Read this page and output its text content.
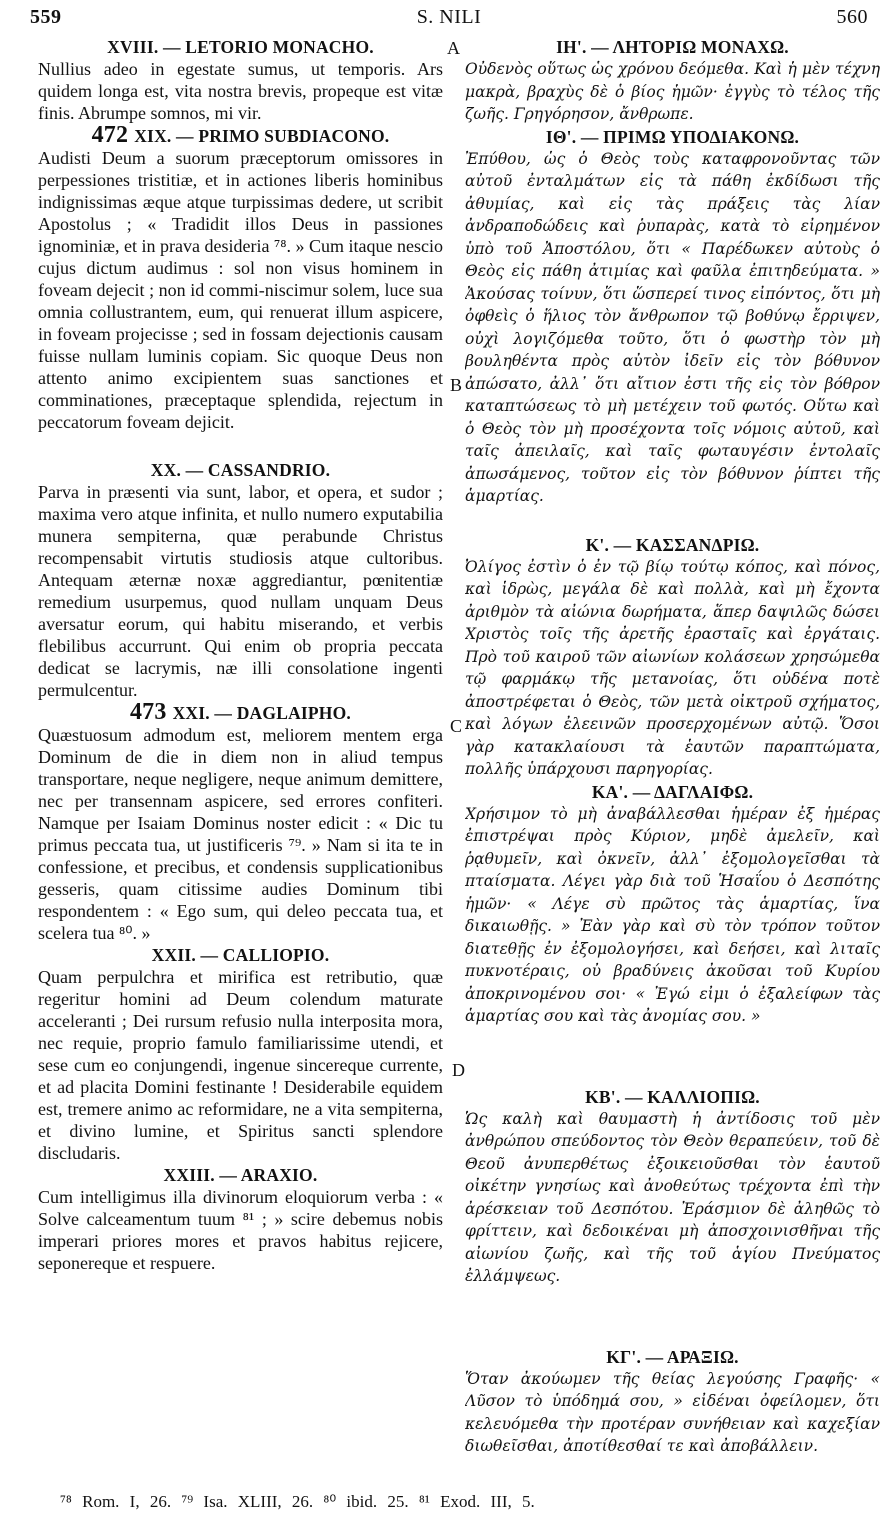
559	S. NILI	560
A
B
C
D
XVIII. — LETORIO MONACHO.

Nullius adeo in egestate sumus, ut temporis. Ars quidem longa est, vita nostra brevis, propeque est vitæ finis. Abrumpe somnos, mi vir.

472 XIX. — PRIMO SUBDIACONO.

Audisti Deum a suorum præceptorum omissores in perpessiones tristitiæ, et in actiones liberis hominibus indignissimas æque atque turpissimas dedere, ut scribit Apostolus ; « Tradidit illos Deus in passiones ignominiæ, et in prava desideria ⁷⁸. » Cum itaque nescio cujus dictum audimus : sol non visus hominem in foveam dejecit ; non id commi-niscimur solem, luce sua omnia collustrantem, eum, qui renuerat illum aspicere, in foveam projecisse ; sed in fossam dejectionis causam fuisse nullam luminis copiam. Sic quoque Deus non attento animo excipientem suas sanctiones et comminationes, præceptaque splendida, rejectum in peccatorum foveam dejicit.

XX. — CASSANDRIO.

Parva in præsenti via sunt, labor, et opera, et sudor ; maxima vero atque infinita, et nullo numero exputabilia munera sempiterna, quæ perabunde Christus recompensabit virtutis studiosis atque cultoribus. Antequam æternæ noxæ aggrediantur, pœnitentiæ remedium usurpemus, quod nullam unquam Deus aversatur eorum, qui habitu miserando, et verbis flebilibus accurrunt. Qui enim ob propria peccata dedicat se lacrymis, næ illi consolatione ingenti permulcentur.

473 XXI. — DAGLAIPHO.

Quæstuosum admodum est, meliorem mentem erga Dominum de die in diem non in aliud tempus transportare, neque negligere, neque animum demittere, nec per transennam aspicere, sed errores confiteri. Namque per Isaiam Dominus noster edicit : « Dic tu primus peccata tua, ut justificeris ⁷⁹. » Nam si ita te in confessione, et precibus, et condensis supplicationibus gesseris, quam citissime audies Dominum tibi respondentem : « Ego sum, qui deleo peccata tua, et scelera tua ⁸⁰. »

XXII. — CALLIOPIO.

Quam perpulchra et mirifica est retributio, quæ regeritur homini ad Deum colendum maturate acceleranti ; Dei rursum refusio nulla interposita mora, nec requie, proprio famulo familiarissime utendi, et sese cum eo conjungendi, ingenue sincereque currente, et ad placita Domini festinante ! Desiderabile equidem est, tremere animo ac reformidare, ne a vita sempiterna, et divino lumine, et Spiritus sancti splendore discludaris.

XXIII. — ARAXIO.

Cum intelligimus illa divinorum eloquiorum verba : « Solve calceamentum tuum ⁸¹ ; » scire debemus nobis imperari priores mores et pravos habitus rejicere, seponereque et respuere.

ΙΗ'. — ΛΗΤΟΡΙΩ ΜΟΝΑΧΩ.

Οὐδενὸς οὕτως ὡς χρόνου δεόμεθα. Καὶ ἡ μὲν τέχνη μακρὰ, βραχὺς δὲ ὁ βίος ἡμῶν· ἐγγὺς τὸ τέλος τῆς ζωῆς. Γρηγόρησον, ἄνθρωπε.

ΙΘ'. — ΠΡΙΜΩ ΥΠΟΔΙΑΚΟΝΩ.

Ἐπύθου, ὡς ὁ Θεὸς τοὺς καταφρονοῦντας τῶν αὐτοῦ ἐνταλμάτων εἰς τὰ πάθη ἐκδίδωσι τῆς ἀθυμίας, καὶ εἰς τὰς πράξεις τὰς λίαν ἀνδραποδώδεις καὶ ῥυπαρὰς, κατὰ τὸ εἰρημένον ὑπὸ τοῦ Ἀποστόλου, ὅτι « Παρέδωκεν αὐτοὺς ὁ Θεὸς εἰς πάθη ἀτιμίας καὶ φαῦλα ἐπιτηδεύματα. » Ἀκούσας τοίνυν, ὅτι ὥσπερεί τινος εἰπόντος, ὅτι μὴ ὀφθεὶς ὁ ἥλιος τὸν ἄνθρωπον τῷ βοθύνῳ ἔρριψεν, οὐχὶ λογιζόμεθα τοῦτο, ὅτι ὁ φωστὴρ τὸν μὴ βουληθέντα πρὸς αὐτὸν ἰδεῖν εἰς τὸν βόθυνον ἀπώσατο, ἀλλ᾽ ὅτι αἴτιον ἐστι τῆς εἰς τὸν βόθρον καταπτώσεως τὸ μὴ μετέχειν τοῦ φωτός. Οὕτω καὶ ὁ Θεὸς τὸν μὴ προσέχοντα τοῖς νόμοις αὐτοῦ, καὶ ταῖς ἀπειλαῖς, καὶ ταῖς φωταυγέσιν ἐντολαῖς ἀπωσάμενος, τοῦτον εἰς τὸν βόθυνον ῥίπτει τῆς ἁμαρτίας.

Κ'. — ΚΑΣΣΑΝΔΡΙΩ.

Ὀλίγος ἐστὶν ὁ ἐν τῷ βίῳ τούτῳ κόπος, καὶ πόνος, καὶ ἱδρὼς, μεγάλα δὲ καὶ πολλὰ, καὶ μὴ ἔχοντα ἀριθμὸν τὰ αἰώνια δωρήματα, ἅπερ δαψιλῶς δώσει Χριστὸς τοῖς τῆς ἀρετῆς ἐρασταῖς καὶ ἐργάταις. Πρὸ τοῦ καιροῦ τῶν αἰωνίων κολάσεων χρησώμεθα τῷ φαρμάκῳ τῆς μετανοίας, ὅτι οὐδένα ποτὲ ἀποστρέφεται ὁ Θεὸς, τῶν μετὰ οἰκτροῦ σχήματος, καὶ λόγων ἐλεεινῶν προσερχομένων αὐτῷ. Ὅσοι γὰρ κατακλαίουσι τὰ ἑαυτῶν παραπτώματα, πολλῆς ὑπάρχουσι παρηγορίας.

ΚΑ'. — ΔΑΓΛΑΙΦΩ.

Χρήσιμον τὸ μὴ ἀναβάλλεσθαι ἡμέραν ἐξ ἡμέρας ἐπιστρέψαι πρὸς Κύριον, μηδὲ ἀμελεῖν, καὶ ῥᾳθυμεῖν, καὶ ὀκνεῖν, ἀλλ᾽ ἐξομολογεῖσθαι τὰ πταίσματα. Λέγει γὰρ διὰ τοῦ Ἡσαΐου ὁ Δεσπότης ἡμῶν· « Λέγε σὺ πρῶτος τὰς ἁμαρτίας, ἵνα δικαιωθῇς. » Ἐὰν γὰρ καὶ σὺ τὸν τρόπον τοῦτον διατεθῇς ἐν ἐξομολογήσει, καὶ δεήσει, καὶ λιταῖς πυκνοτέραις, οὐ βραδύνεις ἀκοῦσαι τοῦ Κυρίου ἀποκρινομένου σοι· « Ἐγώ εἰμι ὁ ἐξαλείφων τὰς ἁμαρτίας σου καὶ τὰς ἀνομίας σου. »

ΚΒ'. — ΚΑΛΛΙΟΠΙΩ.

Ὡς καλὴ καὶ θαυμαστὴ ἡ ἀντίδοσις τοῦ μὲν ἀνθρώπου σπεύδοντος τὸν Θεὸν θεραπεύειν, τοῦ δὲ Θεοῦ ἀνυπερθέτως ἐξοικειοῦσθαι τὸν ἑαυτοῦ οἰκέτην γνησίως καὶ ἀνοθεύτως τρέχοντα ἐπὶ τὴν ἀρέσκειαν τοῦ Δεσπότου. Ἐράσμιον δὲ ἀληθῶς τὸ φρίττειν, καὶ δεδοικέναι μὴ ἀποσχοινισθῆναι τῆς αἰωνίου ζωῆς, καὶ τῆς τοῦ ἁγίου Πνεύματος ἐλλάμψεως.

ΚΓ'. — ΑΡΑΞΙΩ.

Ὅταν ἀκούωμεν τῆς θείας λεγούσης Γραφῆς· « Λῦσον τὸ ὑπόδημά σου, » εἰδέναι ὀφείλομεν, ὅτι κελευόμεθα τὴν προτέραν συνήθειαν καὶ καχεξίαν διωθεῖσθαι, ἀποτίθεσθαί τε καὶ ἀποβάλλειν.

⁷⁸ Rom. I, 26. ⁷⁹ Isa. XLIII, 26. ⁸⁰ ibid. 25. ⁸¹ Exod. III, 5.
